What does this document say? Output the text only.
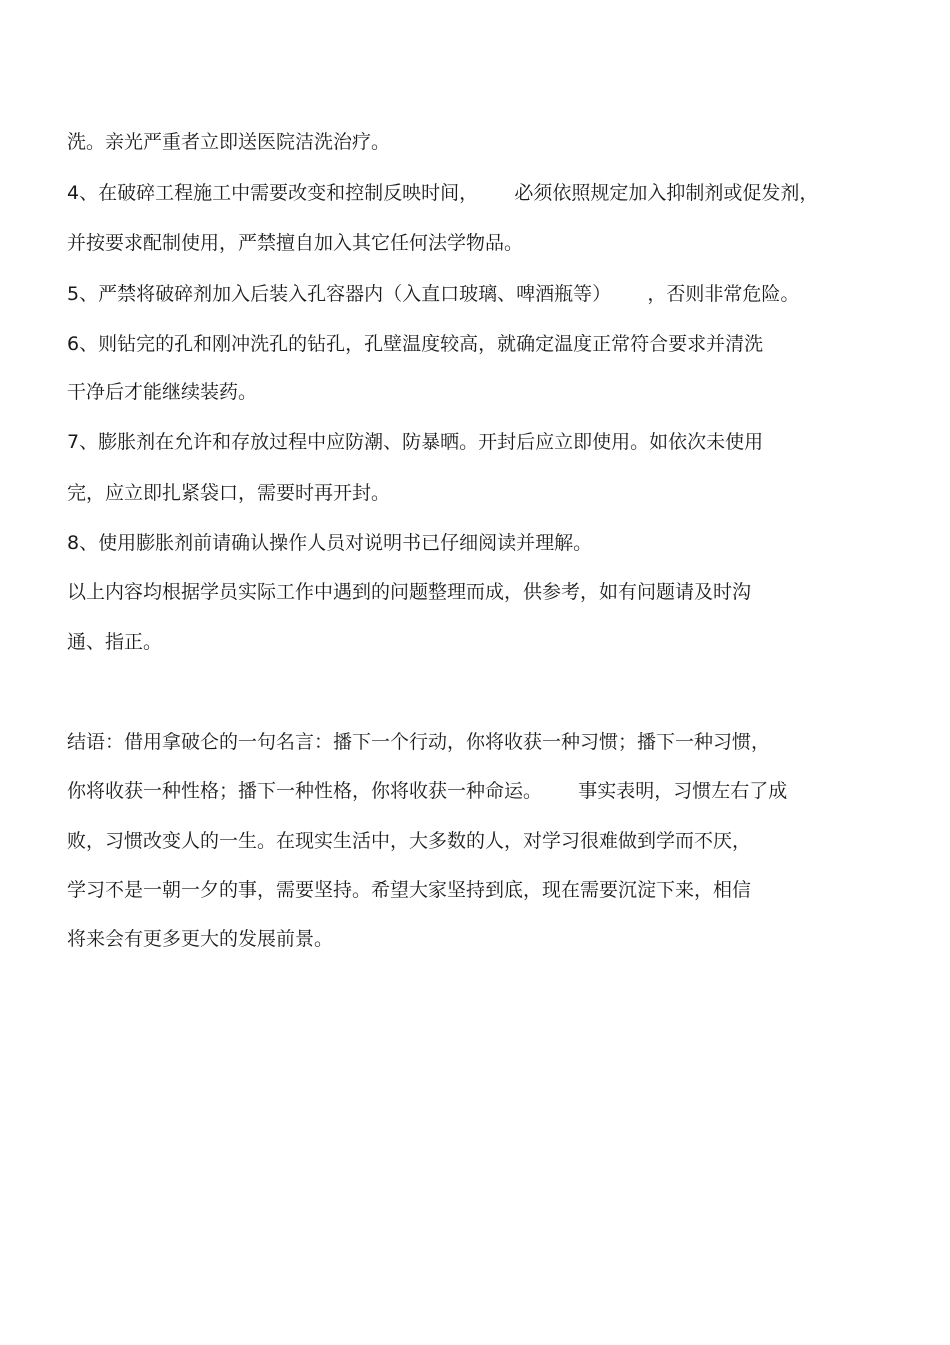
洗。亲光严重者立即送医院洁洗治疗。
4、在破碎工程施工中需要改变和控制反映时间，      必须依照规定加入抑制剂或促发剂，
并按要求配制使用，严禁擅自加入其它任何法学物品。
5、严禁将破碎剂加入后装入孔容器内（入直口玻璃、啤酒瓶等）      ，否则非常危险。
6、则钻完的孔和刚冲洗孔的钻孔，孔壁温度较高，就确定温度正常符合要求并清洗
干净后才能继续装药。
7、膨胀剂在允许和存放过程中应防潮、防暴晒。开封后应立即使用。如依次未使用
完，应立即扎紧袋口，需要时再开封。
8、使用膨胀剂前请确认操作人员对说明书已仔细阅读并理解。
以上内容均根据学员实际工作中遇到的问题整理而成，供参考，如有问题请及时沟
通、指正。
结语：借用拿破仑的一句名言：播下一个行动，你将收获一种习惯；播下一种习惯，
你将收获一种性格；播下一种性格，你将收获一种命运。      事实表明，习惯左右了成
败，习惯改变人的一生。在现实生活中，大多数的人，对学习很难做到学而不厌，
学习不是一朝一夕的事，需要坚持。希望大家坚持到底，现在需要沉淀下来，相信
将来会有更多更大的发展前景。
